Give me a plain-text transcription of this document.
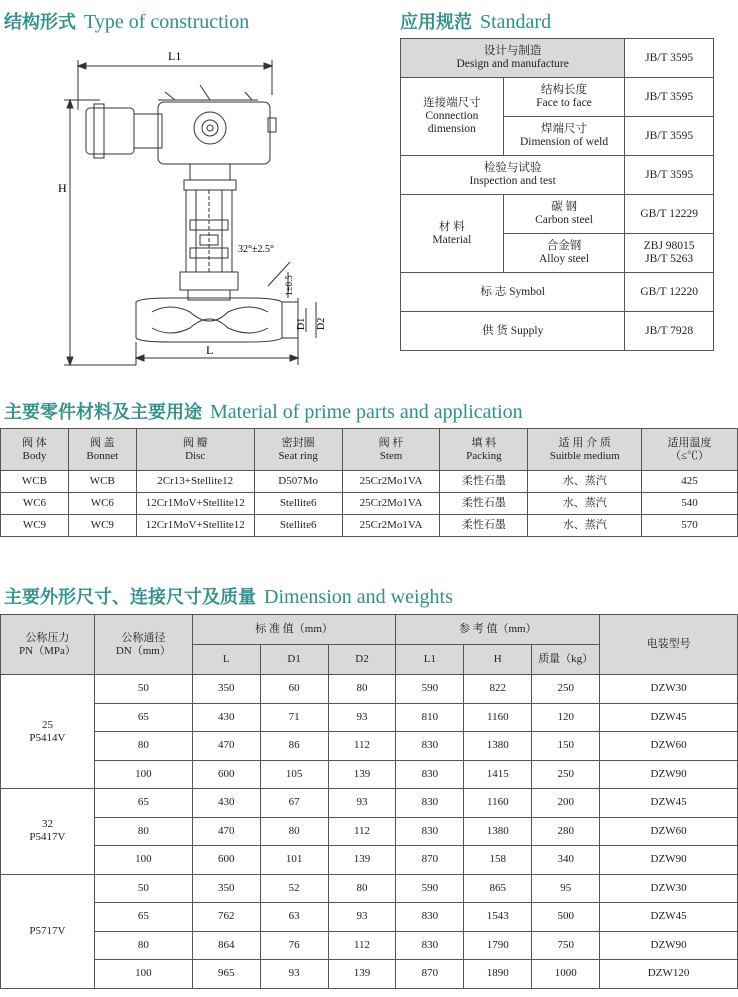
结构形式 Type of construction	应用规范 Standard
主要零件材料及主要用途 Material of prime parts and application
主要外形尺寸、连接尺寸及质量 Dimension and weights
L1
H
L
32°±2.5°
1±0.5
D1 D2
设计与制造
Design and manufacture		JB/T 3595
连接端尺寸
Connection
dimension	结构长度
Face to face	JB/T 3595
	焊端尺寸
Dimension of weld	JB/T 3595
检验与试验
Inspection and test		JB/T 3595
材 料
Material	碳 钢
Carbon steel	GB/T 12229
	合金钢
Alloy steel	ZBJ 98015
JB/T 5263
标 志 Symbol		GB/T 12220
供 货 Supply		JB/T 7928
阀 体
Body	阀 盖
Bonnet	阀 瓣
Disc	密封圈
Seat ring	阀 杆
Stem	填 料
Packing	适 用 介 质
Suitble medium	适用温度
（≤℃）
WCB	WCB	2Cr13+Stellite12	D507Mo	25Cr2Mo1VA	柔性石墨	水、蒸汽	425
WC6	WC6	12Cr1MoV+Stellite12	Stellite6	25Cr2Mo1VA	柔性石墨	水、蒸汽	540
WC9	WC9	12Cr1MoV+Stellite12	Stellite6	25Cr2Mo1VA	柔性石墨	水、蒸汽	570
公称压力
PN（MPa）	公称通径
DN（mm）	标 准 值（mm）			参 考 值（mm）			电装型号
		L	D1	D2	L1	H	质量（kg）	
25
P5414V	50	350	60	80	590	822	250	DZW30
	65	430	71	93	810	1160	120	DZW45
	80	470	86	112	830	1380	150	DZW60
	100	600	105	139	830	1415	250	DZW90
32
P5417V	65	430	67	93	830	1160	200	DZW45
	80	470	80	112	830	1380	280	DZW60
	100	600	101	139	870	158	340	DZW90
P5717V	50	350	52	80	590	865	95	DZW30
	65	762	63	93	830	1543	500	DZW45
	80	864	76	112	830	1790	750	DZW90
	100	965	93	139	870	1890	1000	DZW120
